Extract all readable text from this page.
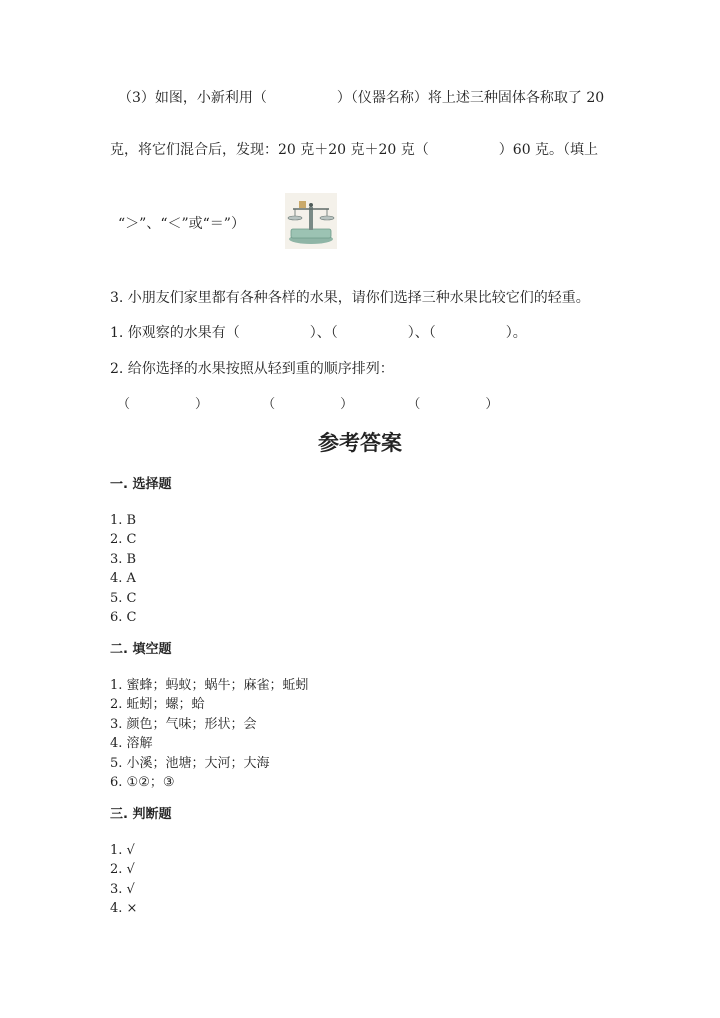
（3）如图，小新利用（　　　　　）（仪器名称）将上述三种固体各称取了 20
克，将它们混合后，发现：20 克＋20 克＋20 克（　　　　　）60 克。（填上
“＞”、“＜”或“＝”）
3. 小朋友们家里都有各种各样的水果，请你们选择三种水果比较它们的轻重。
1. 你观察的水果有（　　　　　）、（　　　　　）、（　　　　　）。
2. 给你选择的水果按照从轻到重的顺序排列：
（　　　　　）	（　　　　　）	（　　　　　）
参考答案
一. 选择题
1. B
2. C
3. B
4. A
5. C
6. C
二. 填空题
1. 蜜蜂；蚂蚁；蜗牛；麻雀；蚯蚓
2. 蚯蚓；螺；蛤
3. 颜色；气味；形状；会
4. 溶解
5. 小溪；池塘；大河；大海
6. ①②；③
三. 判断题
1. √
2. √
3. √
4. ×
